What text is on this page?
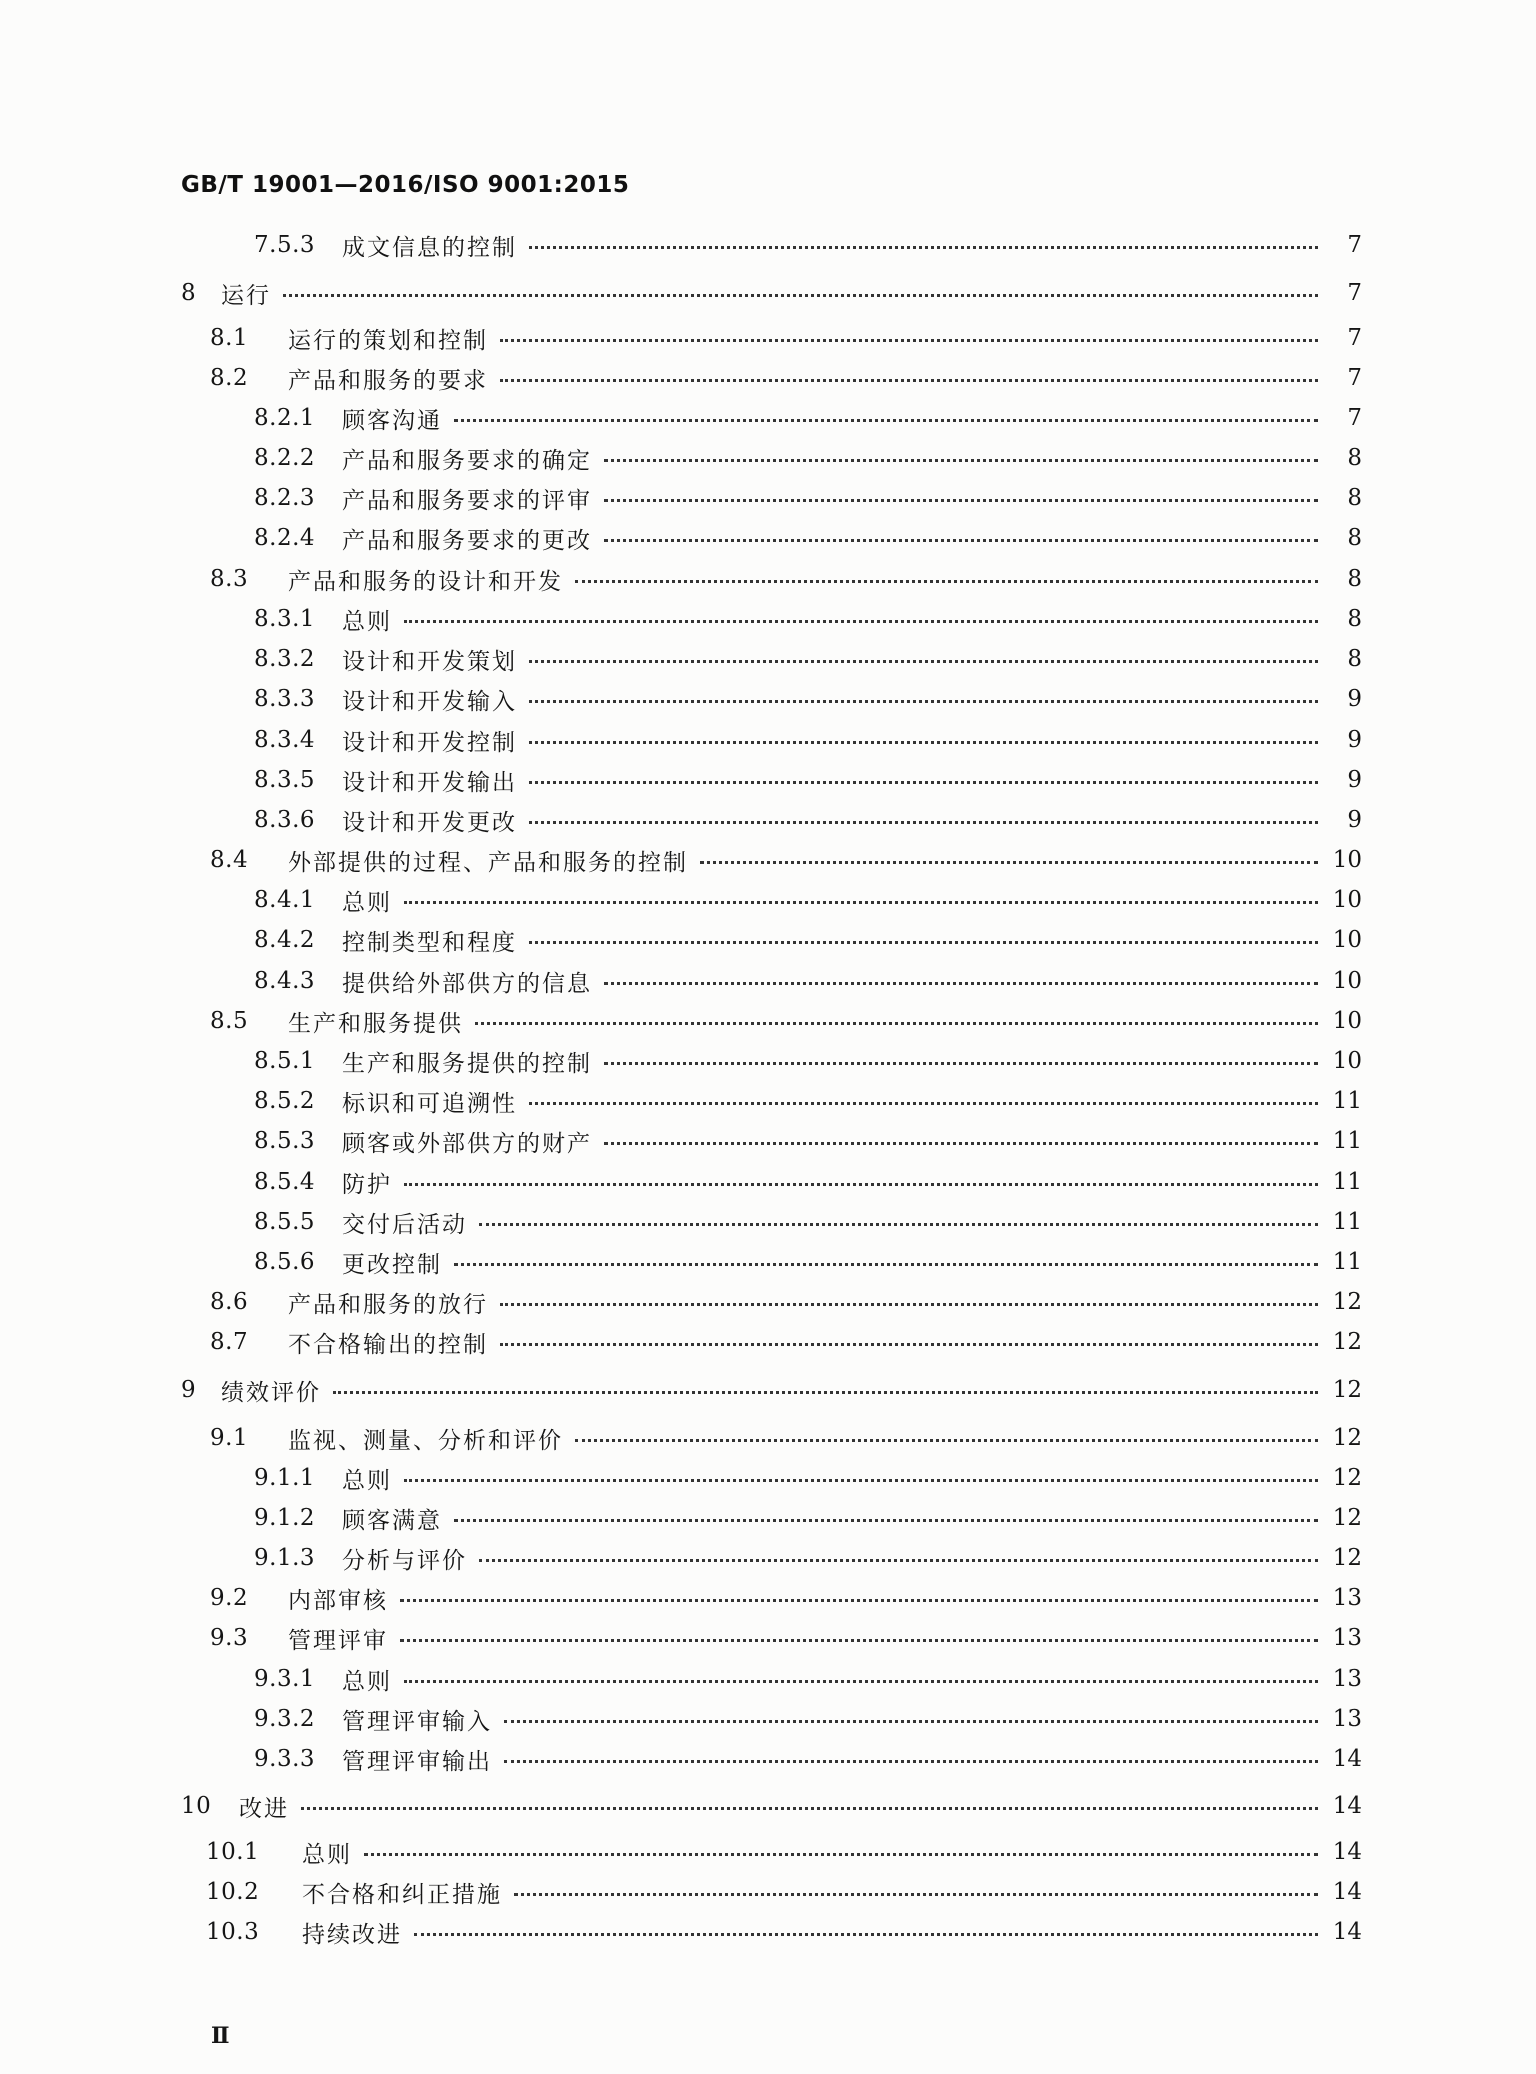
GB/T 19001—2016/ISO 9001:2015
7.5.3	成文信息的控制	7
8	运行	7
8.1	运行的策划和控制	7
8.2	产品和服务的要求	7
8.2.1	顾客沟通	7
8.2.2	产品和服务要求的确定	8
8.2.3	产品和服务要求的评审	8
8.2.4	产品和服务要求的更改	8
8.3	产品和服务的设计和开发	8
8.3.1	总则	8
8.3.2	设计和开发策划	8
8.3.3	设计和开发输入	9
8.3.4	设计和开发控制	9
8.3.5	设计和开发输出	9
8.3.6	设计和开发更改	9
8.4	外部提供的过程、产品和服务的控制	10
8.4.1	总则	10
8.4.2	控制类型和程度	10
8.4.3	提供给外部供方的信息	10
8.5	生产和服务提供	10
8.5.1	生产和服务提供的控制	10
8.5.2	标识和可追溯性	11
8.5.3	顾客或外部供方的财产	11
8.5.4	防护	11
8.5.5	交付后活动	11
8.5.6	更改控制	11
8.6	产品和服务的放行	12
8.7	不合格输出的控制	12
9	绩效评价	12
9.1	监视、测量、分析和评价	12
9.1.1	总则	12
9.1.2	顾客满意	12
9.1.3	分析与评价	12
9.2	内部审核	13
9.3	管理评审	13
9.3.1	总则	13
9.3.2	管理评审输入	13
9.3.3	管理评审输出	14
10	改进	14
10.1	总则	14
10.2	不合格和纠正措施	14
10.3	持续改进	14
Ⅱ
